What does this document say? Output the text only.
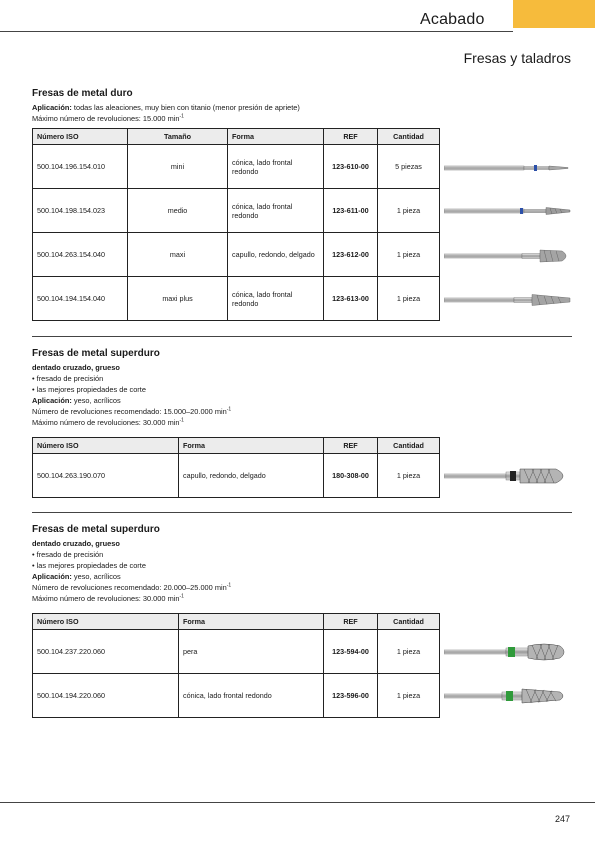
Acabado
Fresas y taladros
Fresas de metal duro
Aplicación: todas las aleaciones, muy bien con titanio (menor presión de apriete)
Máximo número de revoluciones: 15.000 $\min^{-1}$
Número ISO	Tamaño	Forma	REF	Cantidad
500.104.196.154.010	mini	cónica, lado frontal redondo	123-610-00	5 piezas
500.104.198.154.023	medio	cónica, lado frontal redondo	123-611-00	1 pieza
500.104.263.154.040	maxi	capullo, redondo, delgado	123-612-00	1 pieza
500.104.194.154.040	maxi plus	cónica, lado frontal redondo	123-613-00	1 pieza
Fresas de metal superduro
dentado cruzado, grueso
• fresado de precisión
• las mejores propiedades de corte
Aplicación: yeso, acrílicos
Número de revoluciones recomendado: 15.000–20.000 $\min^{-1}$
Máximo número de revoluciones: 30.000 $\min^{-1}$
Número ISO	Forma	REF	Cantidad
500.104.263.190.070	capullo, redondo, delgado	180-308-00	1 pieza
Fresas de metal superduro
dentado cruzado, grueso
• fresado de precisión
• las mejores propiedades de corte
Aplicación: yeso, acrílicos
Número de revoluciones recomendado: 20.000–25.000 $\min^{-1}$
Máximo número de revoluciones: 30.000 $\min^{-1}$
Número ISO	Forma	REF	Cantidad
500.104.237.220.060	pera	123-594-00	1 pieza
500.104.194.220.060	cónica, lado frontal redondo	123-596-00	1 pieza
247
